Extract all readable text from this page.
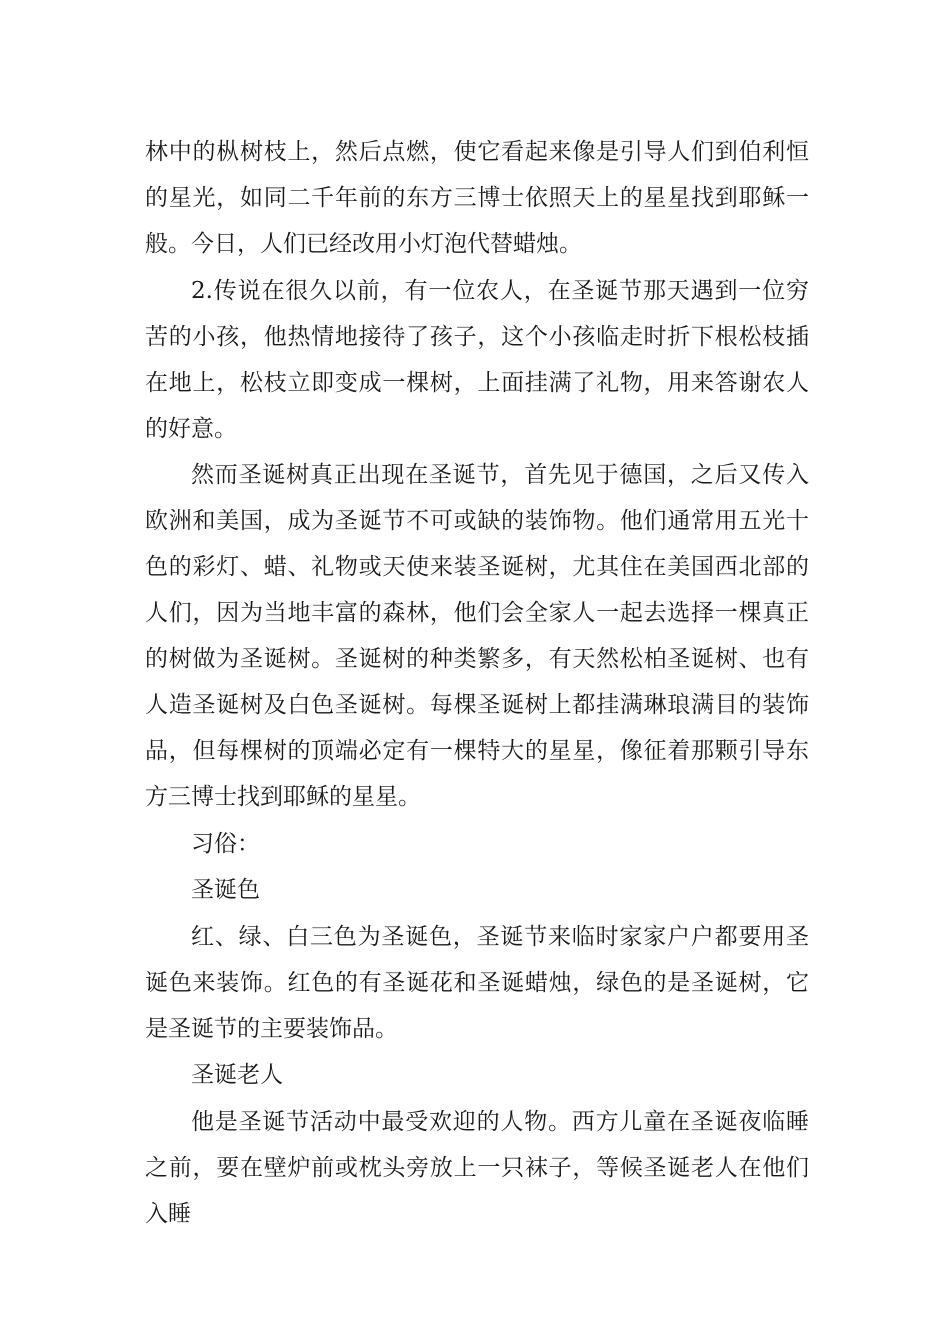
林中的枞树枝上，然后点燃，使它看起来像是引导人们到伯利恒的星光，如同二千年前的东方三博士依照天上的星星找到耶稣一般。今日，人们已经改用小灯泡代替蜡烛。

2.传说在很久以前，有一位农人，在圣诞节那天遇到一位穷苦的小孩，他热情地接待了孩子，这个小孩临走时折下根松枝插在地上，松枝立即变成一棵树，上面挂满了礼物，用来答谢农人的好意。

然而圣诞树真正出现在圣诞节，首先见于德国，之后又传入欧洲和美国，成为圣诞节不可或缺的装饰物。他们通常用五光十色的彩灯、蜡、礼物或天使来装圣诞树，尤其住在美国西北部的人们，因为当地丰富的森林，他们会全家人一起去选择一棵真正的树做为圣诞树。圣诞树的种类繁多，有天然松柏圣诞树、也有人造圣诞树及白色圣诞树。每棵圣诞树上都挂满琳琅满目的装饰品，但每棵树的顶端必定有一棵特大的星星，像征着那颗引导东方三博士找到耶稣的星星。

习俗：

圣诞色

红、绿、白三色为圣诞色，圣诞节来临时家家户户都要用圣诞色来装饰。红色的有圣诞花和圣诞蜡烛，绿色的是圣诞树，它是圣诞节的主要装饰品。

圣诞老人

他是圣诞节活动中最受欢迎的人物。西方儿童在圣诞夜临睡之前，要在壁炉前或枕头旁放上一只袜子，等候圣诞老人在他们入睡
